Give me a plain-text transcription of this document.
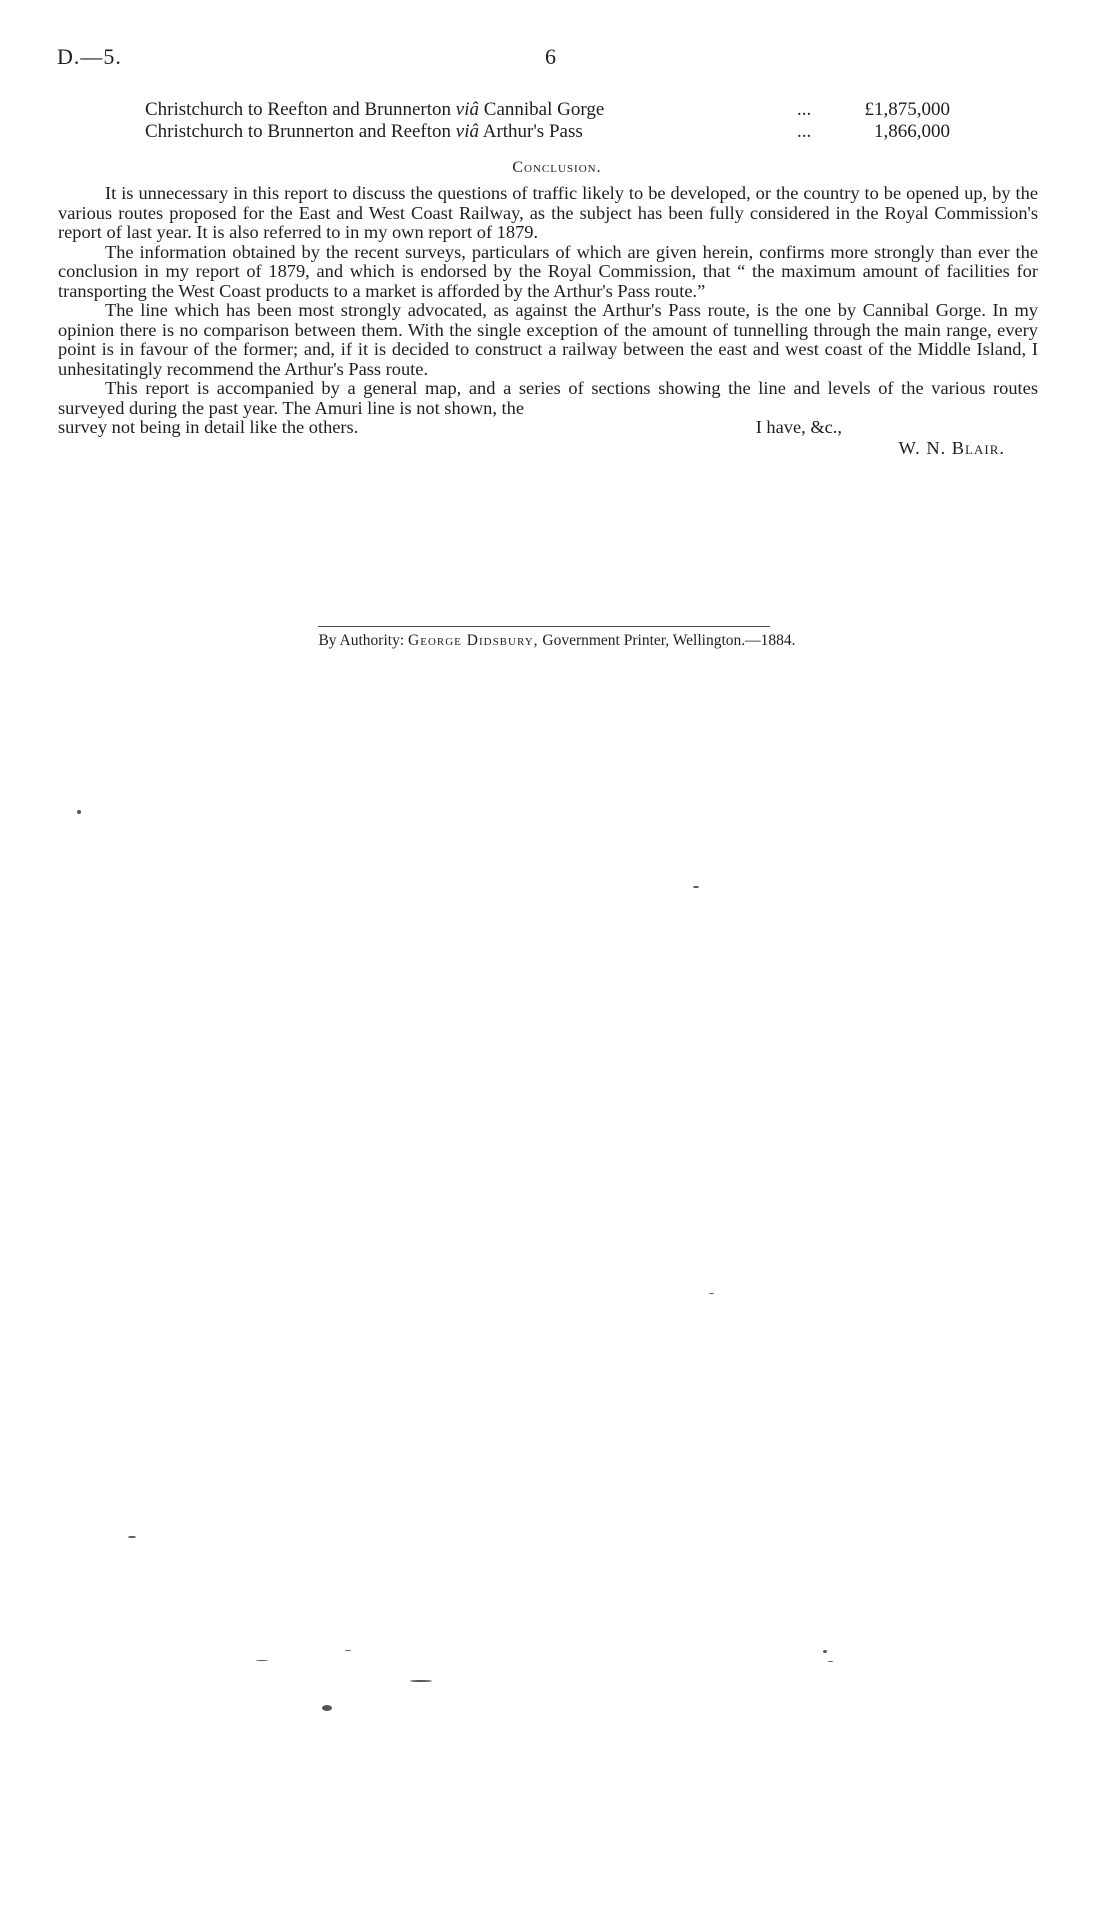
D.—5.	6
Christchurch to Reefton and Brunnerton viâ Cannibal Gorge	...	£1,875,000
Christchurch to Brunnerton and Reefton viâ Arthur's Pass	...	1,866,000
Conclusion.

It is unnecessary in this report to discuss the questions of traffic likely to be developed, or the country to be opened up, by the various routes proposed for the East and West Coast Railway, as the subject has been fully considered in the Royal Commission's report of last year. It is also referred to in my own report of 1879.

The information obtained by the recent surveys, particulars of which are given herein, confirms more strongly than ever the conclusion in my report of 1879, and which is endorsed by the Royal Commission, that “ the maximum amount of facilities for transporting the West Coast products to a market is afforded by the Arthur's Pass route.”

The line which has been most strongly advocated, as against the Arthur's Pass route, is the one by Cannibal Gorge. In my opinion there is no comparison between them. With the single exception of the amount of tunnelling through the main range, every point is in favour of the former; and, if it is decided to construct a railway between the east and west coast of the Middle Island, I unhesitatingly recommend the Arthur's Pass route.

This report is accompanied by a general map, and a series of sections showing the line and levels of the various routes surveyed during the past year. The Amuri line is not shown, the

survey not being in detail like the others.	I have, &c.,
W. N. Blair.
By Authority: George Didsbury, Government Printer, Wellington.—1884.
